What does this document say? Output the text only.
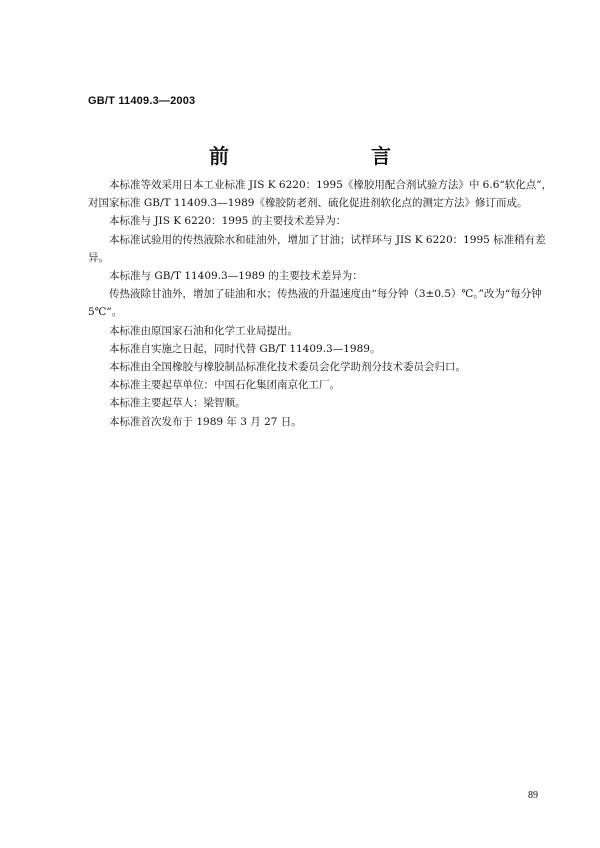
GB/T 11409.3—2003
前　　言

本标准等效采用日本工业标准 JIS K 6220：1995《橡胶用配合剂试验方法》中 6.6“软化点”，对国家标准 GB/T 11409.3—1989《橡胶防老剂、硫化促进剂软化点的测定方法》修订而成。

本标准与 JIS K 6220：1995 的主要技术差异为：

本标准试验用的传热液除水和硅油外，增加了甘油；试样环与 JIS K 6220：1995 标准稍有差异。

本标准与 GB/T 11409.3—1989 的主要技术差异为：

传热液除甘油外，增加了硅油和水；传热液的升温速度由“每分钟（3±0.5）℃。”改为“每分钟 5℃”。

本标准由原国家石油和化学工业局提出。

本标准自实施之日起，同时代替 GB/T 11409.3—1989。

本标准由全国橡胶与橡胶制品标准化技术委员会化学助剂分技术委员会归口。

本标准主要起草单位：中国石化集团南京化工厂。

本标准主要起草人：梁智顺。

本标准首次发布于 1989 年 3 月 27 日。

89
